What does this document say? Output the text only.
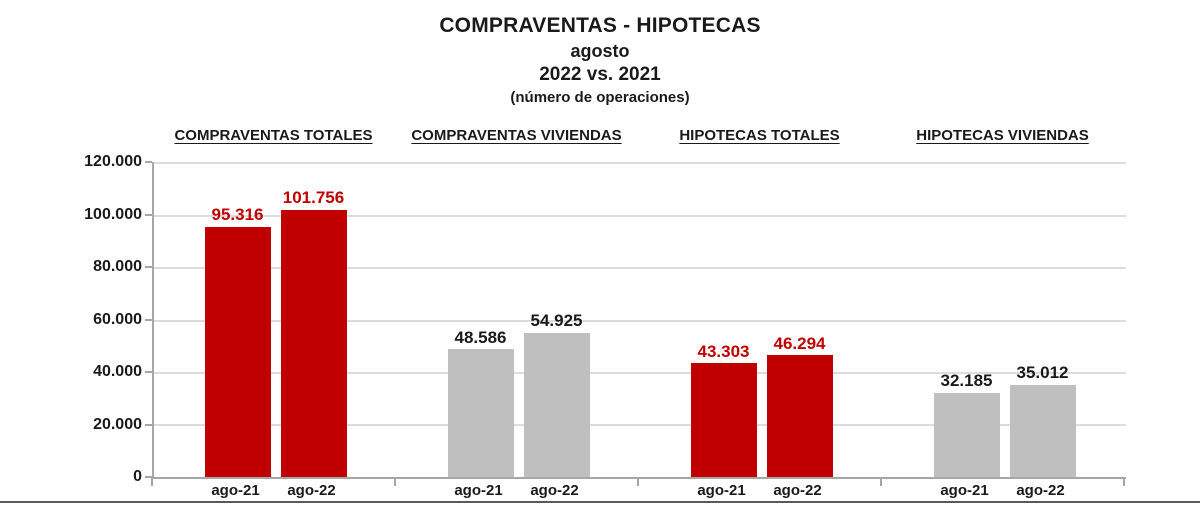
COMPRAVENTAS - HIPOTECAS
agosto
2022 vs. 2021
(número de operaciones)
COMPRAVENTAS TOTALES	COMPRAVENTAS VIVIENDAS	HIPOTECAS TOTALES	HIPOTECAS VIVIENDAS
120.000
100.000
80.000
60.000
40.000
20.000
0
95.316
101.756
48.586
54.925
43.303 46.294
32.185 35.012
ago-21	ago-22	ago-21	ago-22	ago-21	ago-22	ago-21	ago-22
